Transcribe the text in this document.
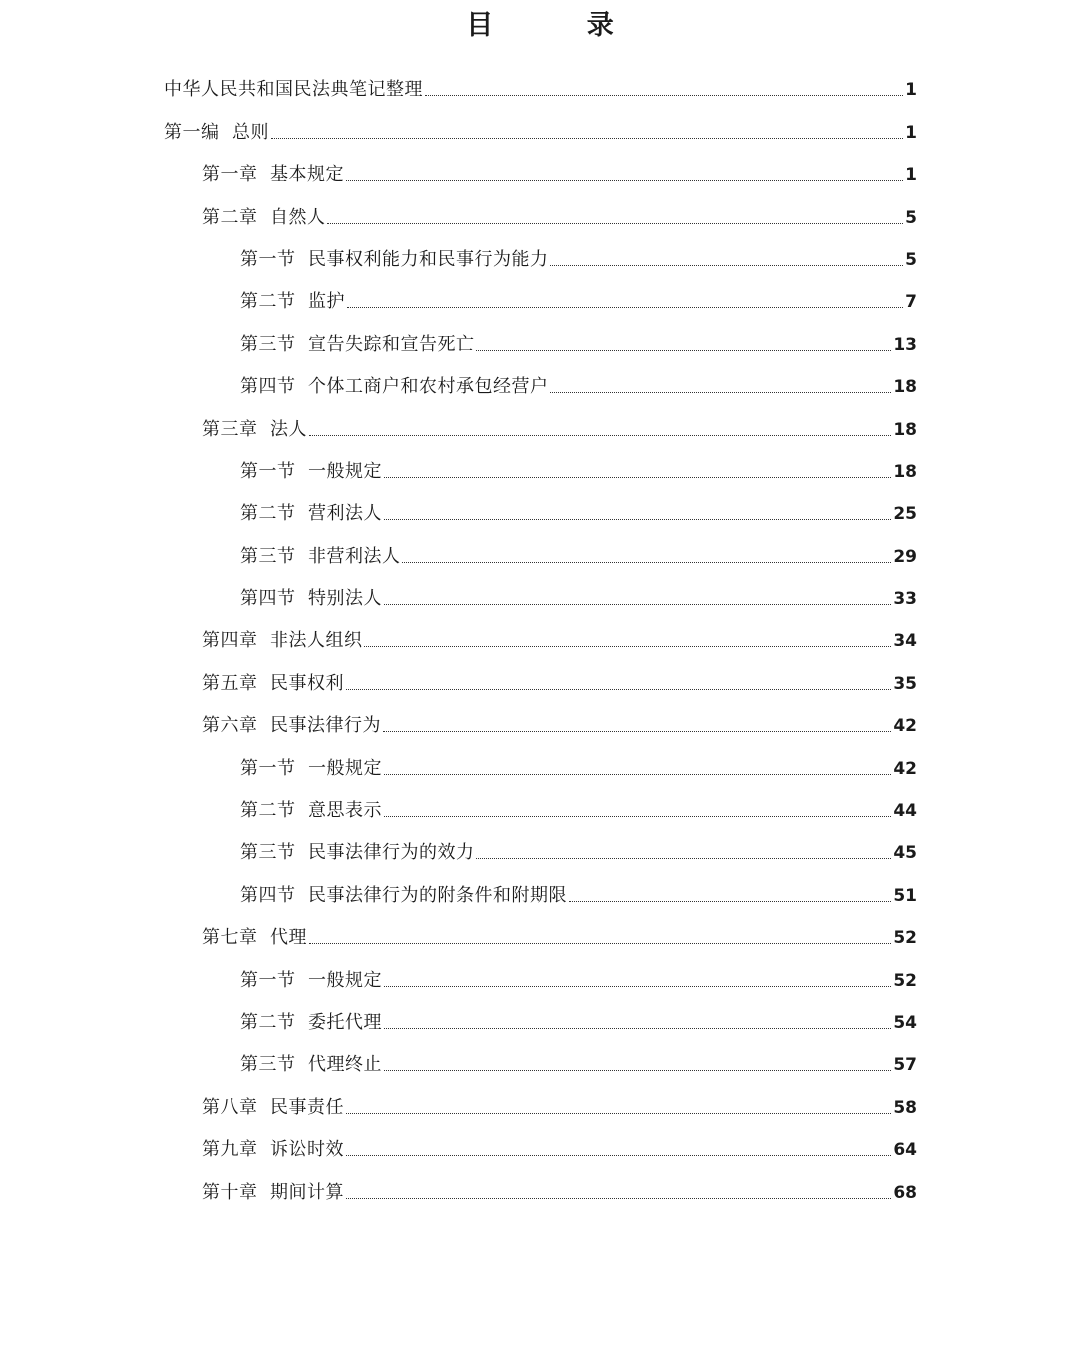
目 录
中华人民共和国民法典笔记整理	1
第一编  总则	1
第一章  基本规定	1
第二章  自然人	5
第一节  民事权利能力和民事行为能力	5
第二节  监护	7
第三节  宣告失踪和宣告死亡	13
第四节  个体工商户和农村承包经营户	18
第三章  法人	18
第一节  一般规定	18
第二节  营利法人	25
第三节  非营利法人	29
第四节  特别法人	33
第四章  非法人组织	34
第五章  民事权利	35
第六章  民事法律行为	42
第一节  一般规定	42
第二节  意思表示	44
第三节  民事法律行为的效力	45
第四节  民事法律行为的附条件和附期限	51
第七章  代理	52
第一节  一般规定	52
第二节  委托代理	54
第三节  代理终止	57
第八章  民事责任	58
第九章  诉讼时效	64
第十章  期间计算	68
